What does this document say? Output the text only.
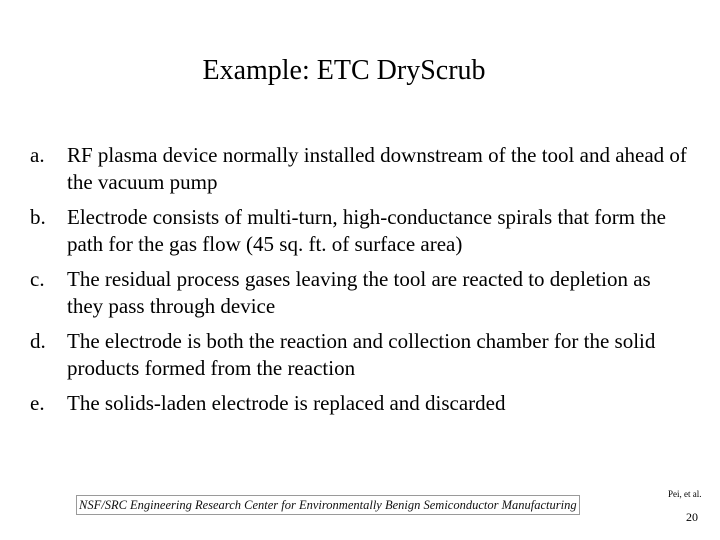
Example: ETC DryScrub
a.	RF plasma device normally installed downstream of the tool and ahead of the vacuum pump
b.	Electrode consists of multi-turn, high-conductance spirals that form the path for the gas flow (45 sq. ft. of surface area)
c.	The residual process gases leaving the tool are reacted to depletion as they pass through device
d.	The electrode is both the reaction and collection chamber for the solid products formed from the reaction
e.	The solids-laden electrode is replaced and discarded
NSF/SRC Engineering Research Center for Environmentally Benign Semiconductor Manufacturing
Pei, et al.
20
